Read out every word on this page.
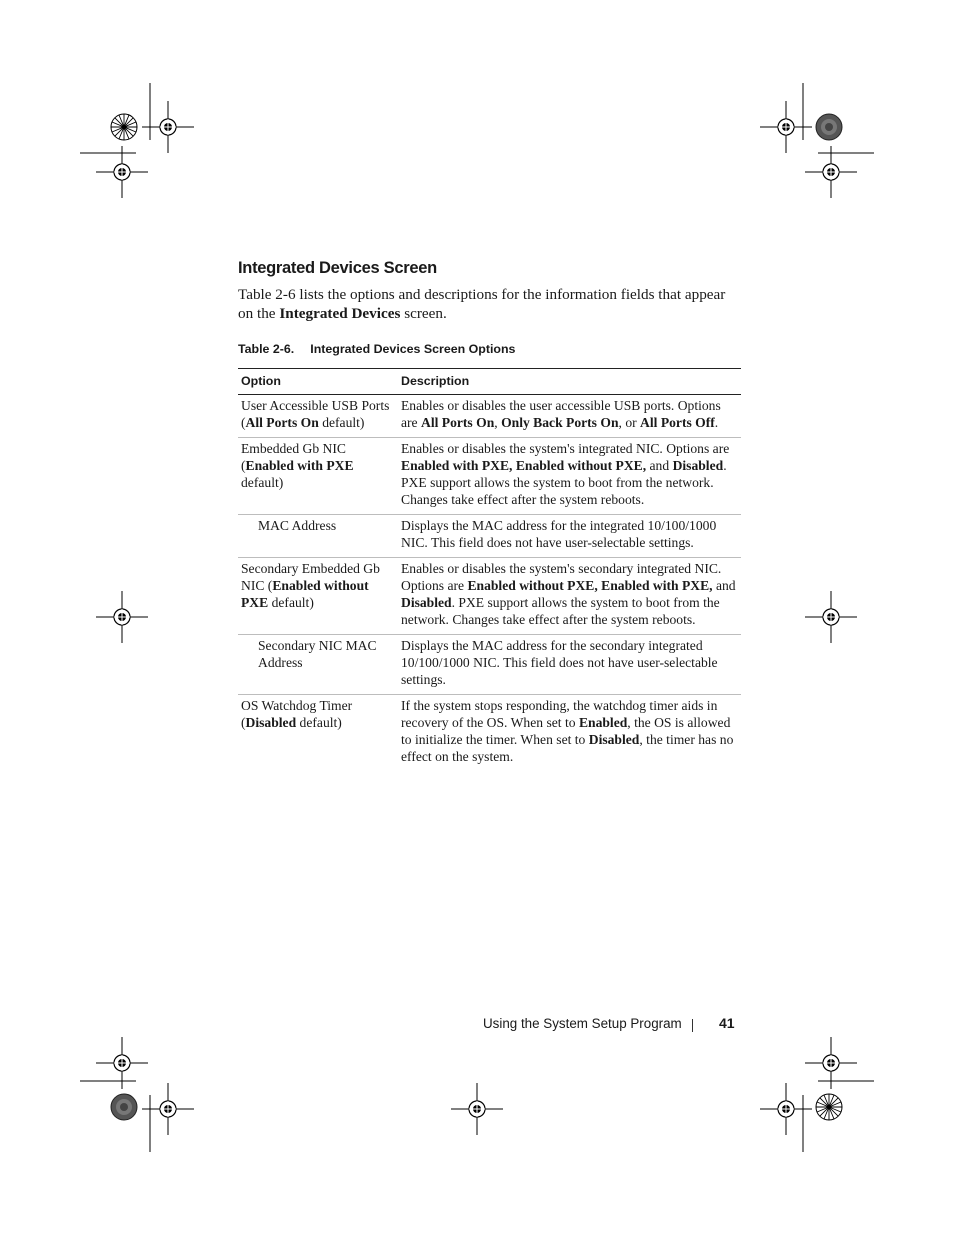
Integrated Devices Screen

Table 2-6 lists the options and descriptions for the information fields that appear on the Integrated Devices screen.

Table 2-6. Integrated Devices Screen Options
Option	Description
User Accessible USB Ports (All Ports On default)	Enables or disables the user accessible USB ports. Options are All Ports On, Only Back Ports On, or All Ports Off.
Embedded Gb NIC (Enabled with PXE default)	Enables or disables the system's integrated NIC. Options are Enabled with PXE, Enabled without PXE, and Disabled. PXE support allows the system to boot from the network. Changes take effect after the system reboots.
MAC Address	Displays the MAC address for the integrated 10/100/1000 NIC. This field does not have user-selectable settings.
Secondary Embedded Gb NIC (Enabled without PXE default)	Enables or disables the system's secondary integrated NIC. Options are Enabled without PXE, Enabled with PXE, and Disabled. PXE support allows the system to boot from the network. Changes take effect after the system reboots.
Secondary NIC MAC Address	Displays the MAC address for the secondary integrated 10/100/1000 NIC. This field does not have user-selectable settings.
OS Watchdog Timer (Disabled default)	If the system stops responding, the watchdog timer aids in recovery of the OS. When set to Enabled, the OS is allowed to initialize the timer. When set to Disabled, the timer has no effect on the system.
Using the System Setup Program	41
